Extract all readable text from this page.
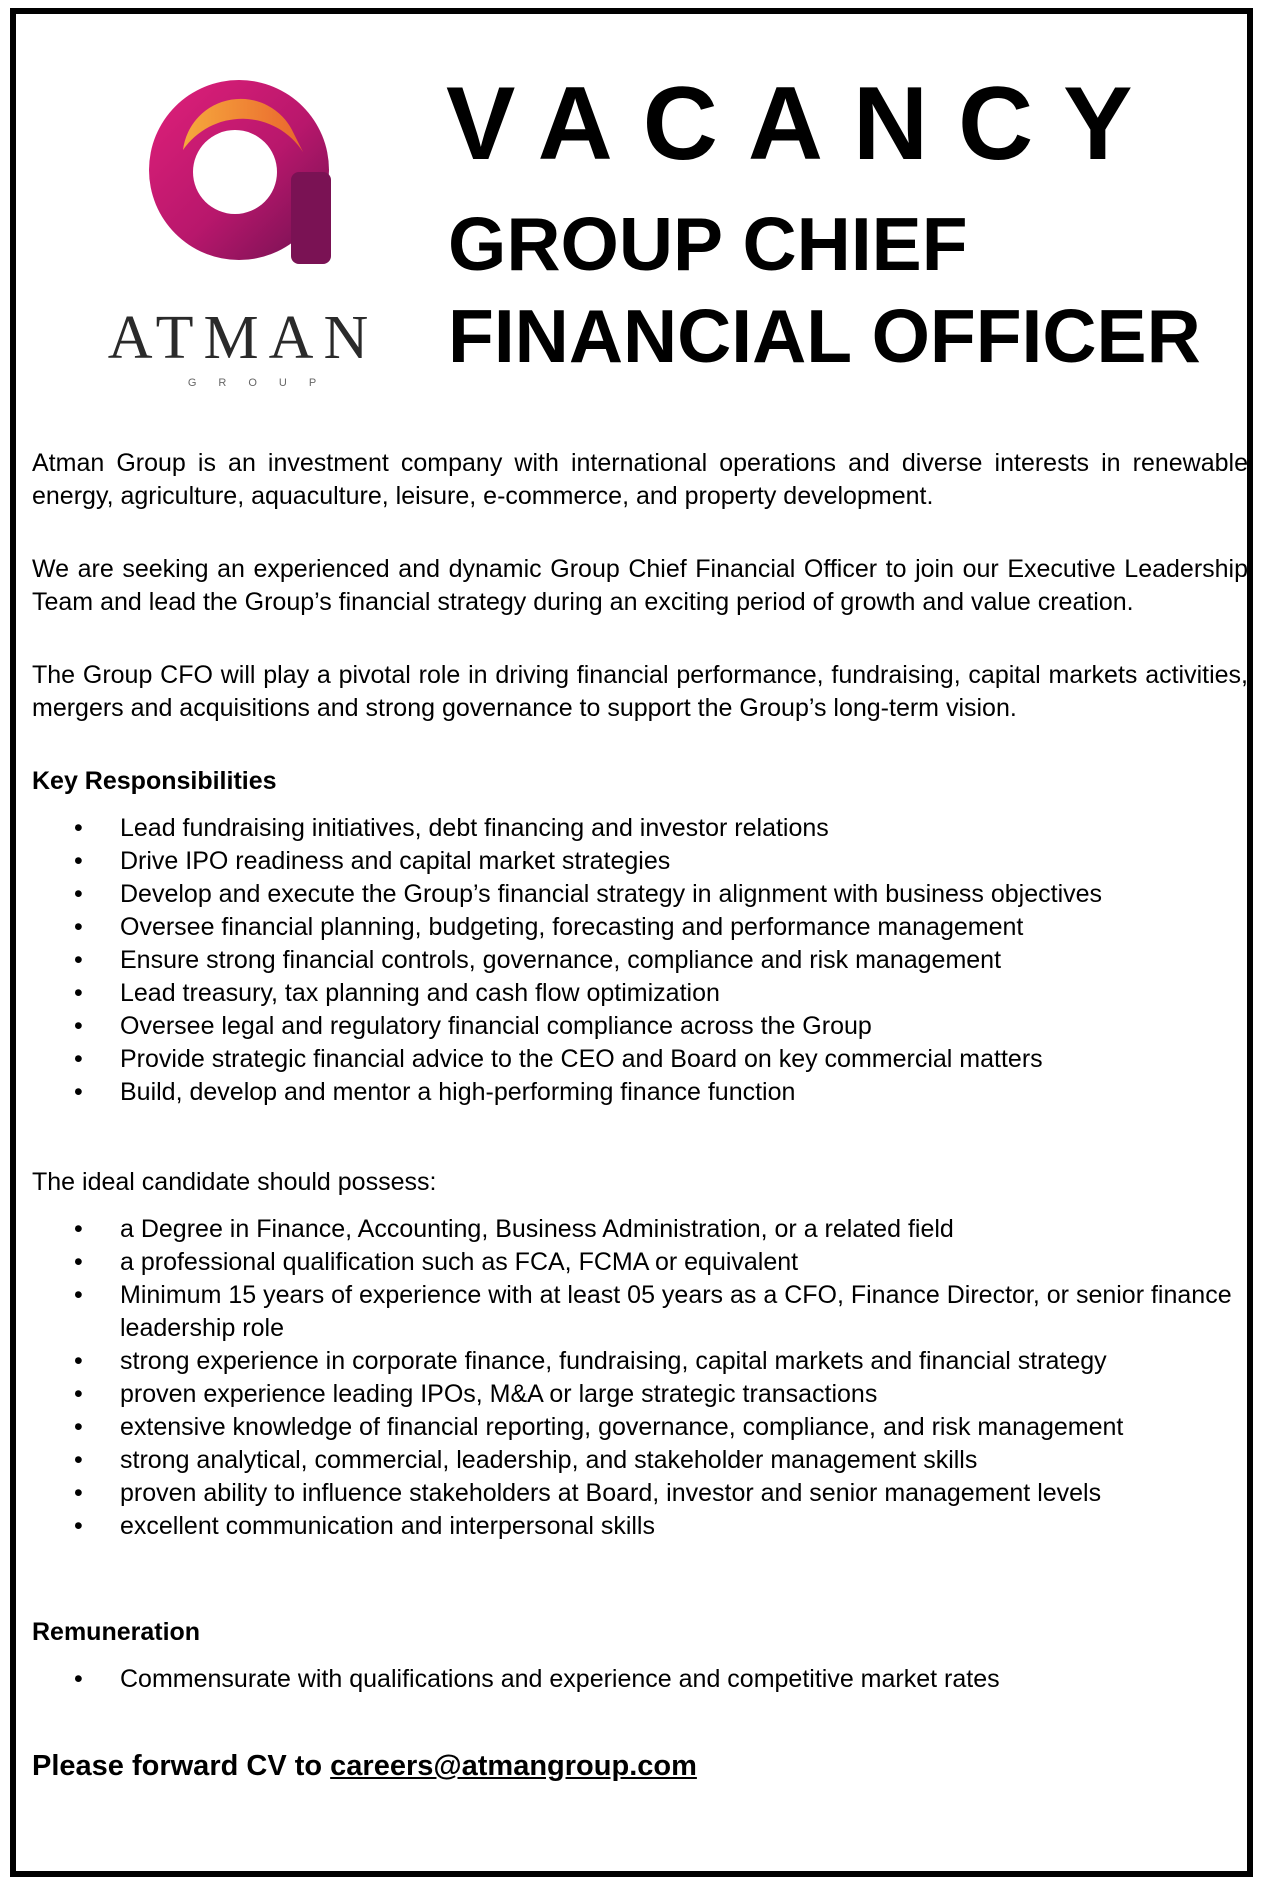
ATMAN
GROUP
VACANCY
GROUP CHIEF
FINANCIAL OFFICER

Atman Group is an investment company with international operations and diverse interests in renewable energy, agriculture, aquaculture, leisure, e-commerce, and property development.

We are seeking an experienced and dynamic Group Chief Financial Officer to join our Executive Leadership Team and lead the Group’s financial strategy during an exciting period of growth and value creation.

The Group CFO will play a pivotal role in driving financial performance, fundraising, capital markets activities, mergers and acquisitions and strong governance to support the Group’s long-term vision.

Key Responsibilities

• Lead fundraising initiatives, debt financing and investor relations
• Drive IPO readiness and capital market strategies
• Develop and execute the Group’s financial strategy in alignment with business objectives
• Oversee financial planning, budgeting, forecasting and performance management
• Ensure strong financial controls, governance, compliance and risk management
• Lead treasury, tax planning and cash flow optimization
• Oversee legal and regulatory financial compliance across the Group
• Provide strategic financial advice to the CEO and Board on key commercial matters
• Build, develop and mentor a high-performing finance function

The ideal candidate should possess:

• a Degree in Finance, Accounting, Business Administration, or a related field
• a professional qualification such as FCA, FCMA or equivalent
• Minimum 15 years of experience with at least 05 years as a CFO, Finance Director, or senior finance leadership role
• strong experience in corporate finance, fundraising, capital markets and financial strategy
• proven experience leading IPOs, M&A or large strategic transactions
• extensive knowledge of financial reporting, governance, compliance, and risk management
• strong analytical, commercial, leadership, and stakeholder management skills
• proven ability to influence stakeholders at Board, investor and senior management levels
• excellent communication and interpersonal skills

Remuneration

• Commensurate with qualifications and experience and competitive market rates

Please forward CV to careers@atmangroup.com
